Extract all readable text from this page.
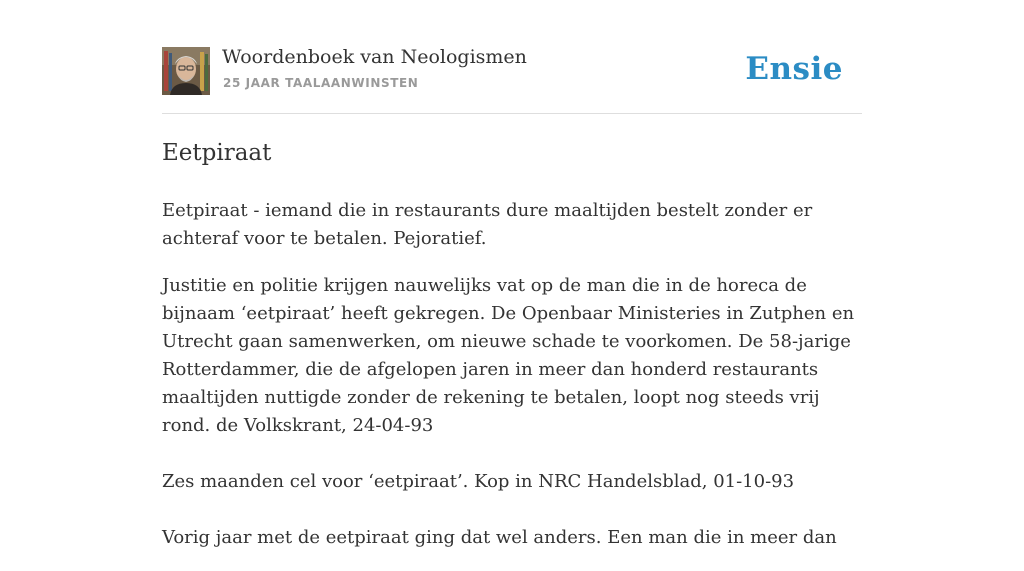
Woordenboek van Neologismen
25 JAAR TAALAANWINSTEN	Ensie
Eetpiraat

Eetpiraat - iemand die in restaurants dure maaltijden bestelt zonder er achteraf voor te betalen. Pejoratief.

Justitie en politie krijgen nauwelijks vat op de man die in de horeca de bijnaam ‘eetpiraat’ heeft gekregen. De Openbaar Ministeries in Zutphen en Utrecht gaan samenwerken, om nieuwe schade te voorkomen. De 58-jarige Rotterdammer, die de afgelopen jaren in meer dan honderd restaurants maaltijden nuttigde zonder de rekening te betalen, loopt nog steeds vrij rond. de Volkskrant, 24-04-93

Zes maanden cel voor ‘eetpiraat’. Kop in NRC Handelsblad, 01-10-93

Vorig jaar met de eetpiraat ging dat wel anders. Een man die in meer dan
